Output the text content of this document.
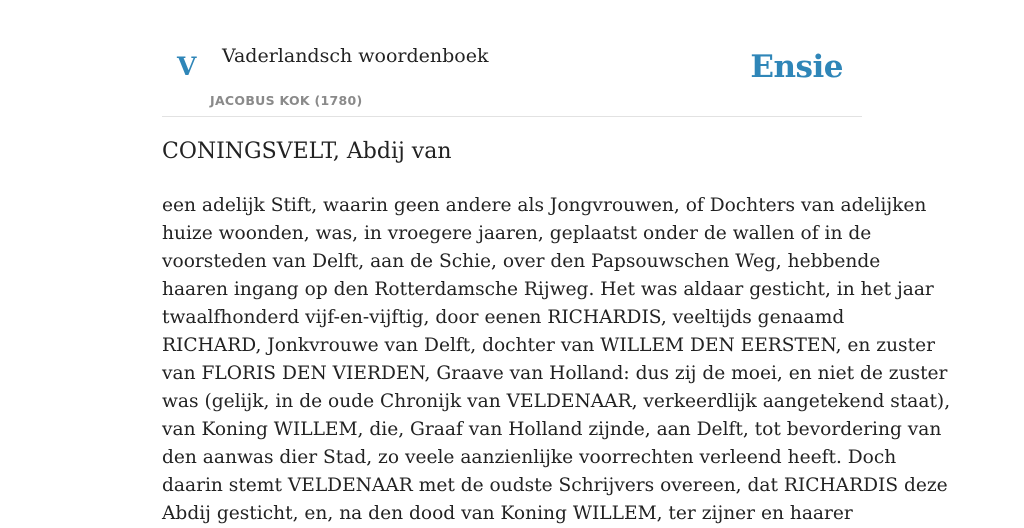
V Vaderlandsch woordenboek
JACOBUS KOK (1780)
Ensie
CONINGSVELT, Abdij van
een adelijk Stift, waarin geen andere als Jongvrouwen, of Dochters van adelijken
huize woonden, was, in vroegere jaaren, geplaatst onder de wallen of in de
voorsteden van Delft, aan de Schie, over den Papsouwschen Weg, hebbende
haaren ingang op den Rotterdamsche Rijweg. Het was aldaar gesticht, in het jaar
twaalfhonderd vijf-en-vijftig, door eenen RICHARDIS, veeltijds genaamd
RICHARD, Jonkvrouwe van Delft, dochter van WILLEM DEN EERSTEN, en zuster
van FLORIS DEN VIERDEN, Graave van Holland: dus zij de moei, en niet de zuster
was (gelijk, in de oude Chronijk van VELDENAAR, verkeerdlijk aangetekend staat),
van Koning WILLEM, die, Graaf van Holland zijnde, aan Delft, tot bevordering van
den aanwas dier Stad, zo veele aanzienlijke voorrechten verleend heeft. Doch
daarin stemt VELDENAAR met de oudste Schrijvers overeen, dat RICHARDIS deze
Abdij gesticht, en, na den dood van Koning WILLEM, ter zijner en haarer
